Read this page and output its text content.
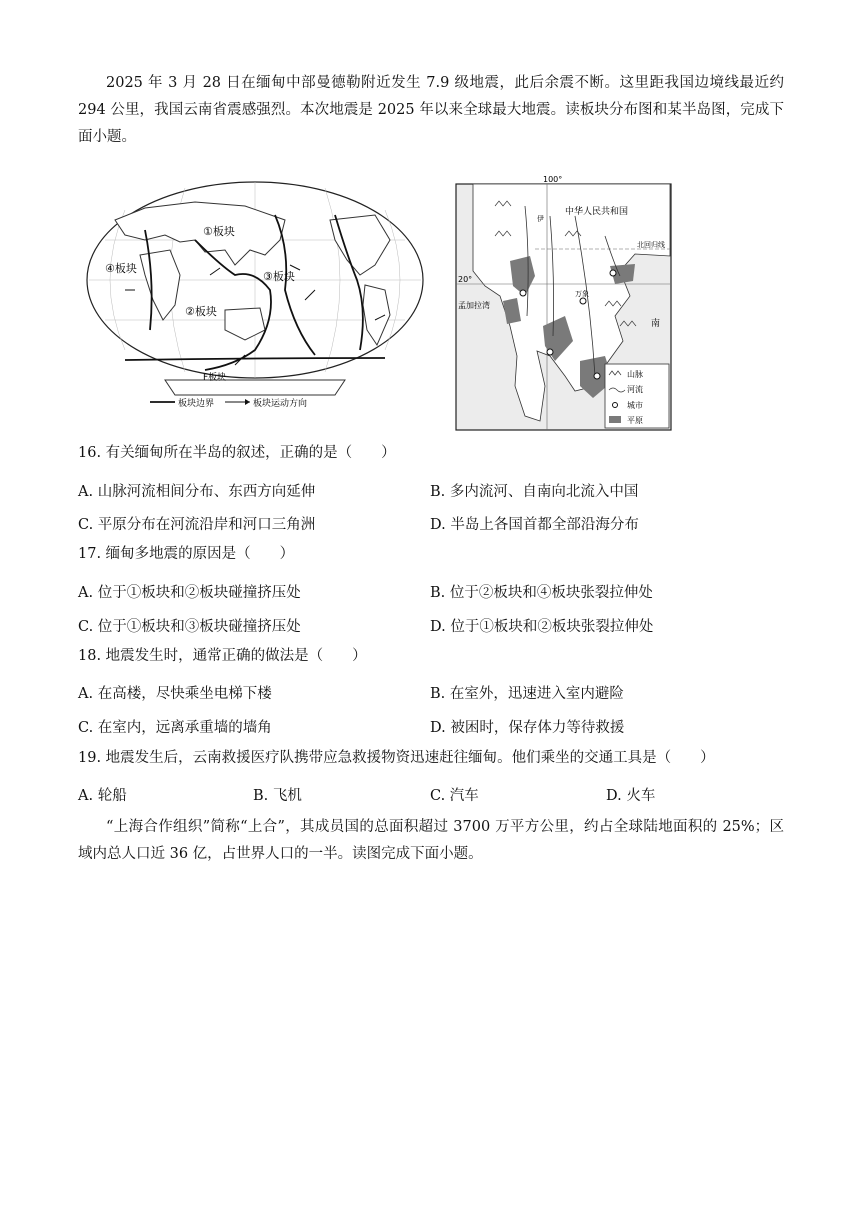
2025 年 3 月 28 日在缅甸中部曼德勒附近发生 7.9 级地震，此后余震不断。这里距我国边境线最近约 294 公里，我国云南省震感强烈。本次地震是 2025 年以来全球最大地震。读板块分布图和某半岛图，完成下面小题。
①板块
②板块
③板块
④板块
F板块
板块边界	板块运动方向
100°
20°
中华人民共和国
北回归线
孟加拉湾
万象
伊
南
山脉
河流
城市
平原
16. 有关缅甸所在半岛的叙述，正确的是（　　）
A. 山脉河流相间分布、东西方向延伸	B. 多内流河、自南向北流入中国
C. 平原分布在河流沿岸和河口三角洲	D. 半岛上各国首都全部沿海分布
17. 缅甸多地震的原因是（　　）
A. 位于①板块和②板块碰撞挤压处	B. 位于②板块和④板块张裂拉伸处
C. 位于①板块和③板块碰撞挤压处	D. 位于①板块和②板块张裂拉伸处
18. 地震发生时，通常正确的做法是（　　）
A. 在高楼，尽快乘坐电梯下楼	B. 在室外，迅速进入室内避险
C. 在室内，远离承重墙的墙角	D. 被困时，保存体力等待救援
19. 地震发生后，云南救援医疗队携带应急救援物资迅速赶往缅甸。他们乘坐的交通工具是（　　）
A. 轮船	B. 飞机	C. 汽车	D. 火车
“上海合作组织”简称“上合”，其成员国的总面积超过 3700 万平方公里，约占全球陆地面积的 25%；区域内总人口近 36 亿，占世界人口的一半。读图完成下面小题。
